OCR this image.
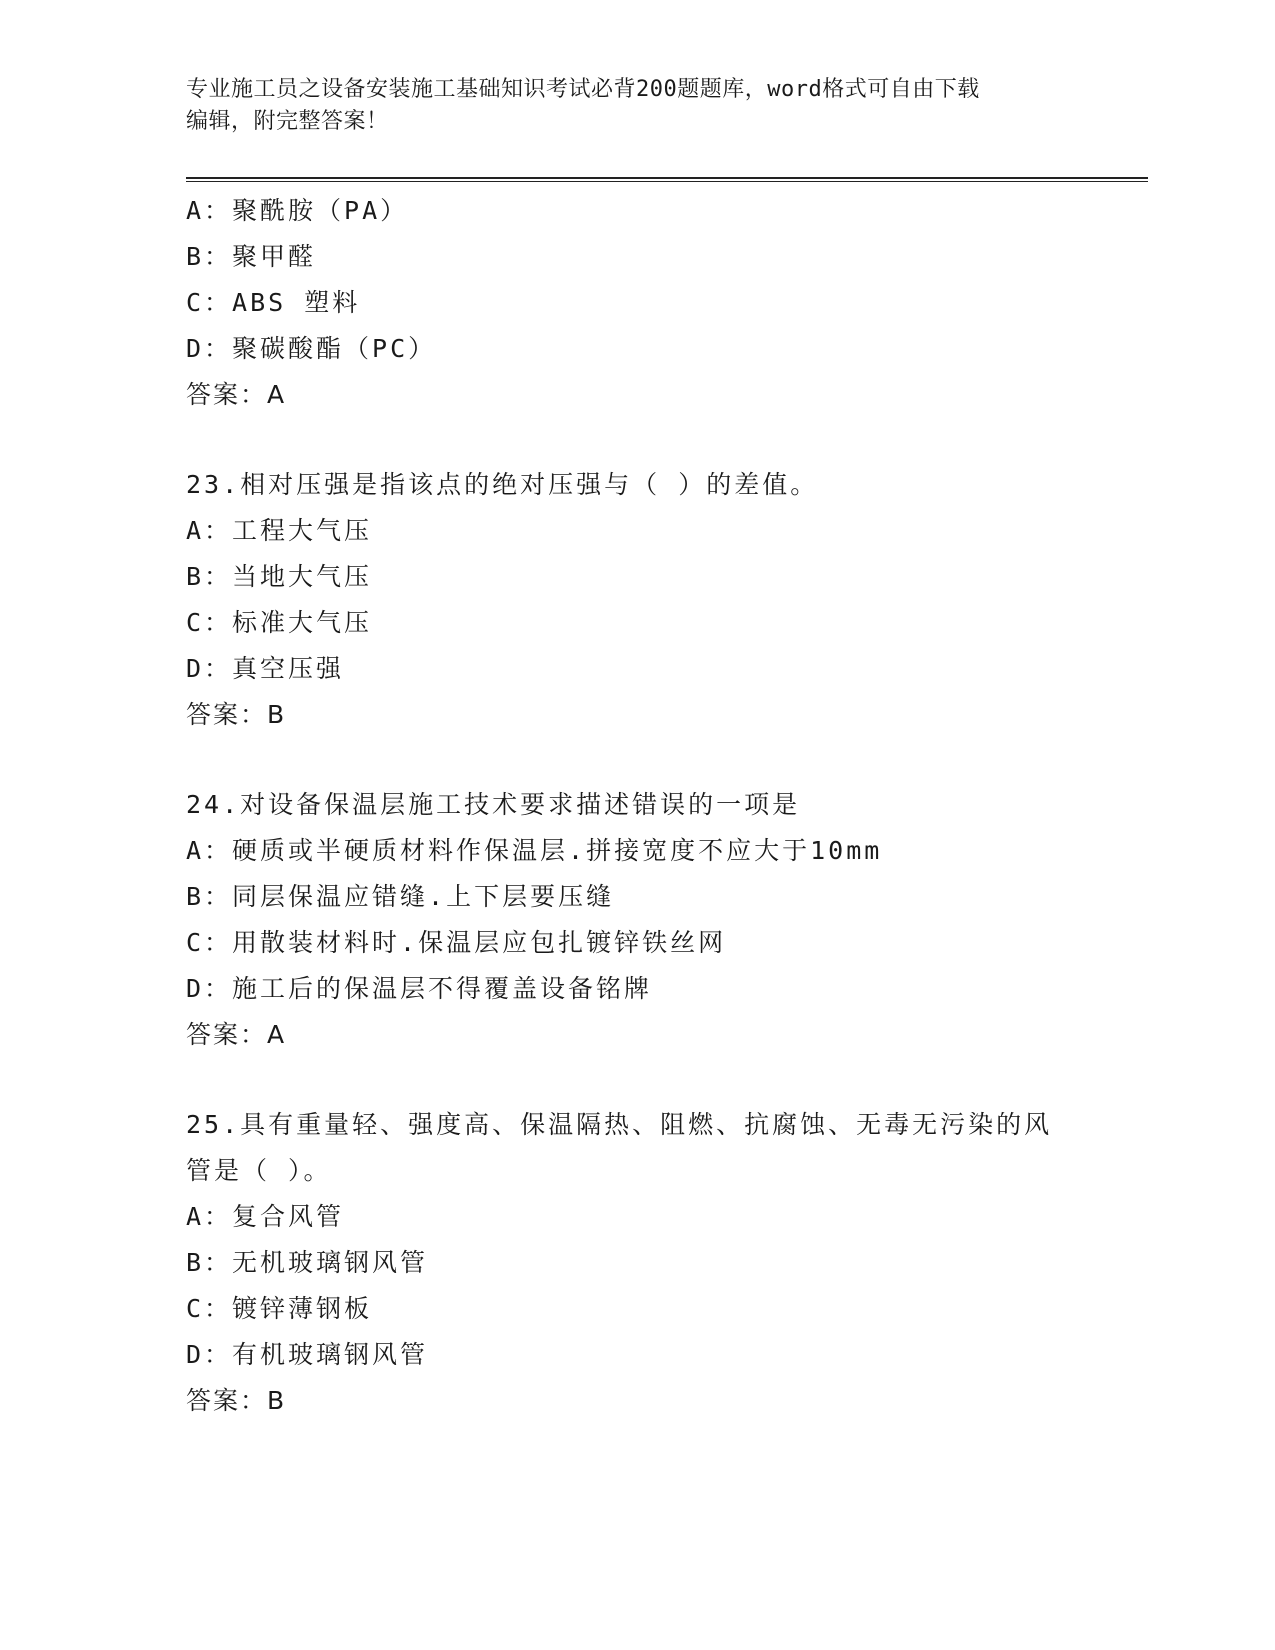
专业施工员之设备安装施工基础知识考试必背200题题库，word格式可自由下载
编辑，附完整答案！
A：聚酰胺（PA）
B：聚甲醛
C：ABS 塑料
D：聚碳酸酯（PC）
答案：A
23.相对压强是指该点的绝对压强与（ ）的差值。
A：工程大气压
B：当地大气压
C：标准大气压
D：真空压强
答案：B
24.对设备保温层施工技术要求描述错误的一项是
A：硬质或半硬质材料作保温层.拼接宽度不应大于10mm
B：同层保温应错缝.上下层要压缝
C：用散装材料时.保温层应包扎镀锌铁丝网
D：施工后的保温层不得覆盖设备铭牌
答案：A
25.具有重量轻、强度高、保温隔热、阻燃、抗腐蚀、无毒无污染的风
管是（ ）。
A：复合风管
B：无机玻璃钢风管
C：镀锌薄钢板
D：有机玻璃钢风管
答案：B
